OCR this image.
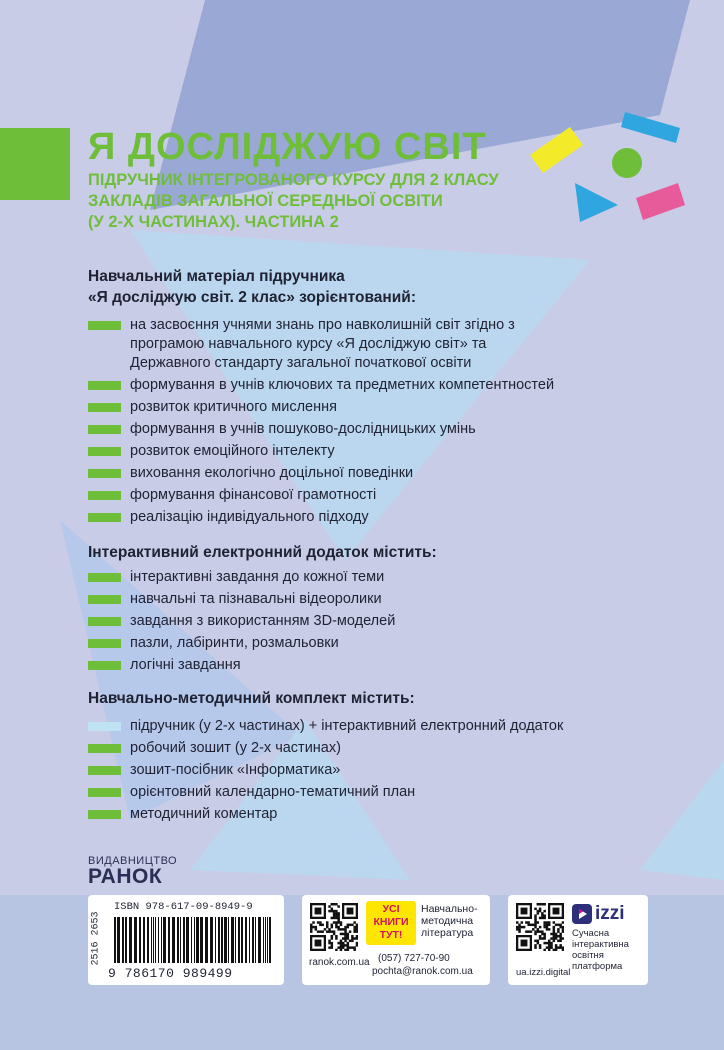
Я ДОСЛІДЖУЮ СВІТ
ПІДРУЧНИК ІНТЕГРОВАНОГО КУРСУ ДЛЯ 2 КЛАСУ
ЗАКЛАДІВ ЗАГАЛЬНОЇ СЕРЕДНЬОЇ ОСВІТИ
(У 2-Х ЧАСТИНАХ). ЧАСТИНА 2
Навчальний матеріал підручника
«Я досліджую світ. 2 клас» зорієнтований:
на засвоєння учнями знань про навколишній світ згідно з програмою навчального курсу «Я досліджую світ» та Державного стандарту загальної початкової освіти
формування в учнів ключових та предметних компетентностей
розвиток критичного мислення
формування в учнів пошуково-дослідницьких умінь
розвиток емоційного інтелекту
виховання екологічно доцільної поведінки
формування фінансової грамотності
реалізацію індивідуального підходу
Інтерактивний електронний додаток містить:
інтерактивні завдання до кожної теми
навчальні та пізнавальні відеоролики
завдання з використанням 3D-моделей
пазли, лабіринти, розмальовки
логічні завдання
Навчально-методичний комплект містить:
підручник (у 2-х частинах) + інтерактивний електронний додаток
робочий зошит (у 2-х частинах)
зошит-посібник «Інформатика»
орієнтовний календарно-тематичний план
методичний коментар
ВИДАВНИЦТВО
РАНОК
2516 2653
ISBN 978-617-09-8949-9
9 786170 989499
ranok.com.ua
УСІ
КНИГИ
ТУТ!
Навчально-методична література
(057) 727-70-90
pochta@ranok.com.ua	ua.izzi.digital
izzi
Сучасна інтерактивна освітня платформа
